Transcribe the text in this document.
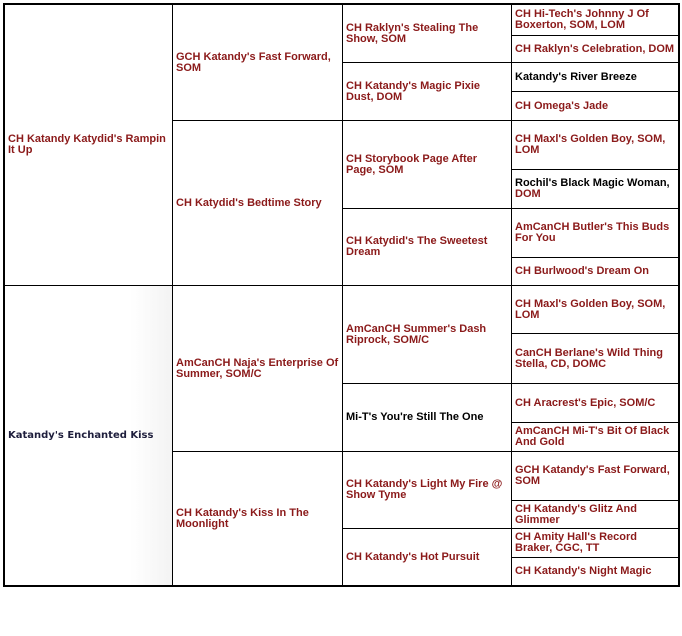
CH Katandy Katydid's Rampin It Up
Katandy's Enchanted Kiss
GCH Katandy's Fast Forward, SOM
CH Katydid's Bedtime Story
AmCanCH Naja's Enterprise Of Summer, SOM/C
CH Katandy's Kiss In The Moonlight
CH Raklyn's Stealing The Show, SOM
CH Katandy's Magic Pixie Dust, DOM
CH Storybook Page After Page, SOM
CH Katydid's The Sweetest Dream
AmCanCH Summer's Dash Riprock, SOM/C
Mi-T's You're Still The One
CH Katandy's Light My Fire @ Show Tyme
CH Katandy's Hot Pursuit
CH Hi-Tech's Johnny J Of Boxerton, SOM, LOM
CH Raklyn's Celebration, DOM
Katandy's River Breeze
CH Omega's Jade
CH Maxl's Golden Boy, SOM, LOM
Rochil's Black Magic Woman, DOM
AmCanCH Butler's This Buds For You
CH Burlwood's Dream On
CH Maxl's Golden Boy, SOM, LOM
CanCH Berlane's Wild Thing Stella, CD, DOMC
CH Aracrest's Epic, SOM/C
AmCanCH Mi-T's Bit Of Black And Gold
GCH Katandy's Fast Forward, SOM
CH Katandy's Glitz And Glimmer
CH Amity Hall's Record Braker, CGC, TT
CH Katandy's Night Magic
